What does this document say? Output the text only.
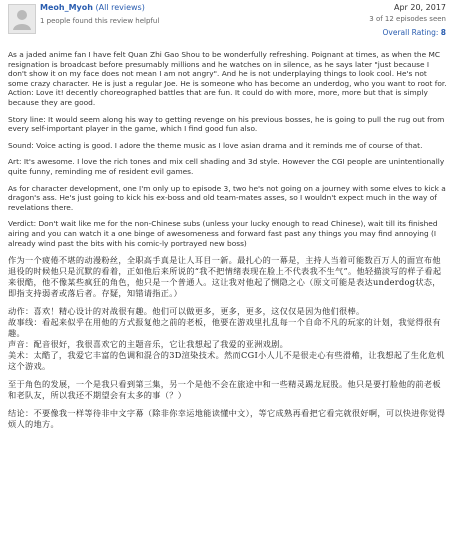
Meoh_Myoh (All reviews)
1 people found this review helpful
Apr 20, 2017
3 of 12 episodes seen
Overall Rating: 8

As a jaded anime fan I have felt Quan Zhi Gao Shou to be wonderfully refreshing. Poignant at times, as when the MC resignation is broadcast before presumably millions and he watches on in silence, as he says later "just because I don't show it on my face does not mean I am not angry". And he is not underplaying things to look cool. He's not some crazy character. He is just a regular Joe. He is someone who has become an underdog, who you want to root for.
Action: Love it! decently choreographed battles that are fun. It could do with more, more, more but that is simply because they are good.

Story line: It would seem along his way to getting revenge on his previous bosses, he is going to pull the rug out from every self-important player in the game, which I find good fun also.

Sound: Voice acting is good. I adore the theme music as I love asian drama and it reminds me of course of that.

Art: It's awesome. I love the rich tones and mix cell shading and 3d style. However the CGI people are unintentionally quite funny, reminding me of resident evil games.

As for character development, one I'm only up to episode 3, two he's not going on a journey with some elves to kick a dragon's ass. He's just going to kick his ex-boss and old team-mates asses, so I wouldn't expect much in the way of revelations there.

Verdict: Don't wait like me for the non-Chinese subs (unless your lucky enough to read Chinese), wait till its finished airing and you can watch it a one binge of awesomeness and forward fast past any things you may find annoying (I already wind past the bits with his comic-ly portrayed new boss)

作为一个疲倦不堪的动漫粉丝，全职高手真是让人耳目一新。最扎心的一幕是，主持人当着可能数百万人的面宣布他退役的时候他只是沉默的看着，正如他后来所说的“我不把情绪表现在脸上不代表我不生气”。他轻描淡写的样子看起来很酷，他不像某些疯狂的角色，他只是一个普通人。这让我对他起了恻隐之心（原文可能是表达underdog状态，即指支持弱者或落后者。存疑，知错请指正。）

动作：喜欢！精心设计的对战很有趣。他们可以做更多，更多，更多，这仅仅是因为他们很棒。
故事线：看起来似乎在用他的方式报复他之前的老板，他要在游戏里扎乱每一个自命不凡的玩家的计划，我觉得很有趣。
声音：配音很好，我很喜欢它的主题音乐，它让我想起了我爱的亚洲戏剧。
美术：太酷了，我爱它丰富的色调和混合的3D渲染技术。然而CGI小人儿不是很走心有些滑稽，让我想起了生化危机这个游戏。

至于角色的发展，一个是我只看到第三集，另一个是他不会在旅途中和一些精灵踢龙屁股。他只是要打脸他的前老板和老队友，所以我还不期望会有太多的事（？）

结论：不要像我一样等待非中文字幕（除非你幸运地能读懂中文），等它成熟再看把它看完就很好啊，可以快进你觉得烦人的地方。
